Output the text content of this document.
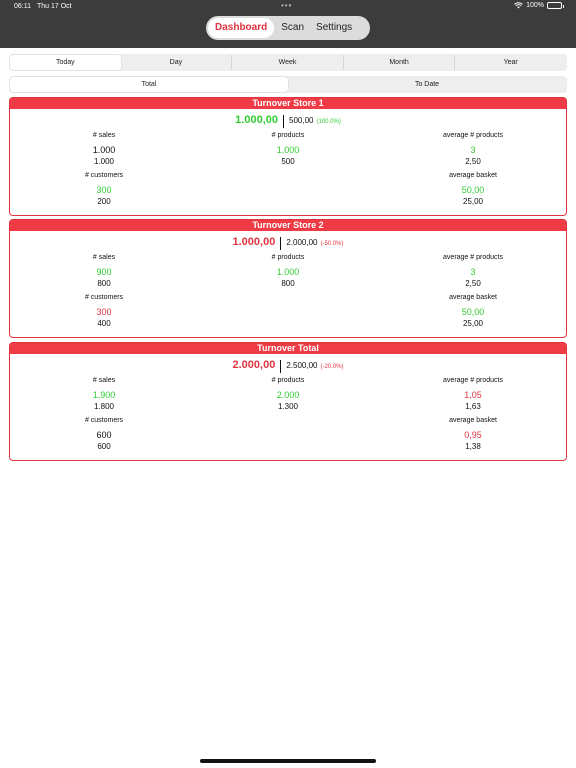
06:11 Thu 17 Oct	•••	100%
Dashboard	Scan	Settings
Today	Day	Week	Month	Year
Total	To Date
Turnover Store 1
1.000,00 500,00 (100.0%)
# sales
1.000
1.000
# products
1.000
500
average # products
3
2,50
# customers
300
200
average basket
50,00
25,00
Turnover Store 2
1.000,00 2.000,00 (-50.0%)
# sales
900
800
# products
1.000
800
average # products
3
2,50
# customers
300
400
average basket
50,00
25,00
Turnover Total
2.000,00 2.500,00 (-20.0%)
# sales
1.900
1.800
# products
2.000
1.300
average # products
1,05
1,63
# customers
600
600
average basket
0,95
1,38
